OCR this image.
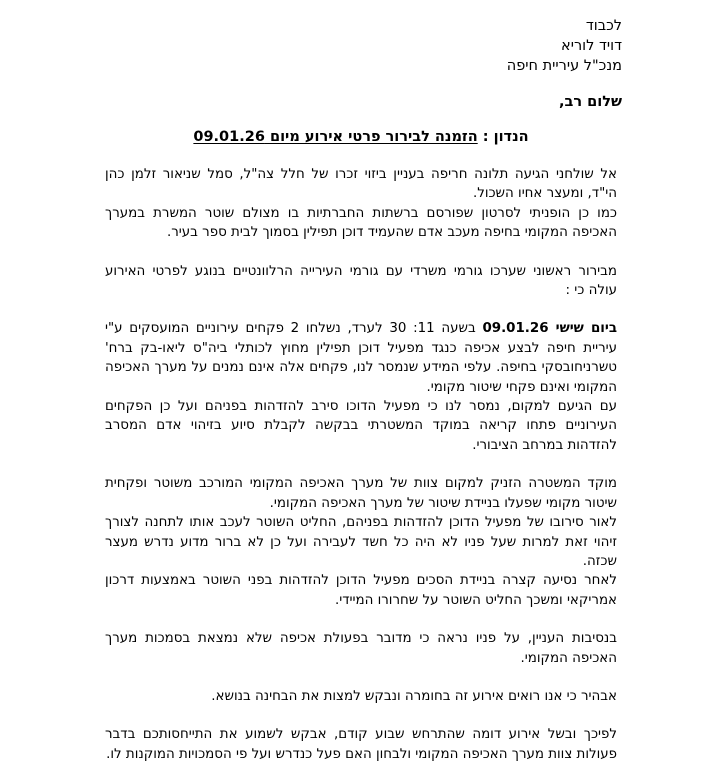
לכבוד
דויד לוריא
מנכ"ל עיריית חיפה
שלום רב,
הנדון : הזמנה לבירור פרטי אירוע מיום 09.01.26
אל שולחני הגיעה תלונה חריפה בעניין ביזוי זכרו של חלל צה"ל, סמל שניאור זלמן כהן הי"ד, ומעצר אחיו השכול.
כמו כן הופניתי לסרטון שפורסם ברשתות החברתיות בו מצולם שוטר המשרת במערך האכיפה המקומי בחיפה מעכב אדם שהעמיד דוכן תפילין בסמוך לבית ספר בעיר.
מבירור ראשוני שערכו גורמי משרדי עם גורמי העירייה הרלוונטיים בנוגע לפרטי האירוע עולה כי :
ביום שישי 09.01.26 בשעה 11: 30 לערד, נשלחו 2 פקחים עירוניים המועסקים ע"י עיריית חיפה לבצע אכיפה כנגד מפעיל דוכן תפילין מחוץ לכותלי ביה"ס ליאו-בק ברח' טשרניחובסקי בחיפה. עלפי המידע שנמסר לנו, פקחים אלה אינם נמנים על מערך האכיפה המקומי ואינם פקחי שיטור מקומי.
עם הגיעם למקום, נמסר לנו כי מפעיל הדוכו סירב להזדהות בפניהם ועל כן הפקחים העירוניים פתחו קריאה במוקד המשטרתי בבקשה לקבלת סיוע בזיהוי אדם המסרב להזדהות במרחב הציבורי.
מוקד המשטרה הזניק למקום צוות של מערך האכיפה המקומי המורכב משוטר ופקחית שיטור מקומי שפעלו בניידת שיטור של מערך האכיפה המקומי.
לאור סירובו של מפעיל הדוכן להזדהות בפניהם, החליט השוטר לעכב אותו לתחנה לצורך זיהוי זאת למרות שעל פניו לא היה כל חשד לעבירה ועל כן לא ברור מדוע נדרש מעצר שכזה.
לאחר נסיעה קצרה בניידת הסכים מפעיל הדוכן להזדהות בפני השוטר באמצעות דרכון אמריקאי ומשכך החליט השוטר על שחרורו המיידי.
בנסיבות העניין, על פניו נראה כי מדובר בפעולת אכיפה שלא נמצאת בסמכות מערך האכיפה המקומי.
אבהיר כי אנו רואים אירוע זה בחומרה ונבקש למצות את הבחינה בנושא.
לפיכך ובשל אירוע דומה שהתרחש שבוע קודם, אבקש לשמוע את התייחסותכם בדבר פעולות צוות מערך האכיפה המקומי ולבחון האם פעל כנדרש ועל פי הסמכויות המוקנות לו.
